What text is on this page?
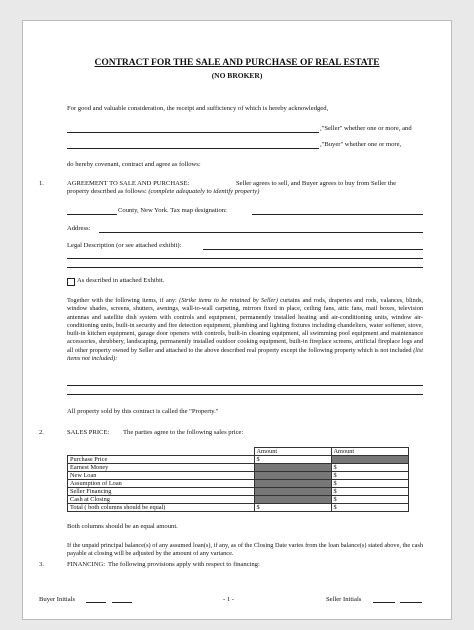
CONTRACT FOR THE SALE AND PURCHASE OF REAL ESTATE
(NO BROKER)
For good and valuable consideration, the receipt and sufficiency of which is hereby acknowledged,
,"Seller" whether one or more, and
,"Buyer" whether one or more,
do hereby covenant, contract and agree as follows:
1.	AGREEMENT TO SALE AND PURCHASE:	Seller agrees to sell, and Buyer agrees to buy from Seller the
property described as follows: (complete adequately to identify property)
County, New York. Tax map designation:
Address:
Legal Description (or see attached exhibit):
As described in attached Exhibit.
Together with the following items, if any: (Strike items to be retained by Seller) curtains and rods, draperies and rods, valances, blinds, window shades, screens, shutters, awnings, wall-to-wall carpeting, mirrors fixed in place, ceiling fans, attic fans, mail boxes, television antennas and satellite dish system with controls and equipment, permanently installed heating and air-conditioning units, window air-conditioning units, built-in security and fire detection equipment, plumbing and lighting fixtures including chandeliers, water softener, stove, built-in kitchen equipment, garage door openers with controls, built-in cleaning equipment, all swimming pool equipment and maintenance accessories, shrubbery, landscaping, permanently installed outdoor cooking equipment, built-in fireplace screens, artificial fireplace logs and all other property owned by Seller and attached to the above described real property except the following property which is not included (list items not included):
All property sold by this contract is called the "Property."
2.	SALES PRICE: The parties agree to the following sales price:
	Amount	Amount
Purchase Price	$	
Earnest Money		$
New Loan		$
Assumption of Loan		$
Seller Financing		$
Cash at Closing		$
Total ( both columns should be equal)	$	$
Both columns should be an equal amount.
If the unpaid principal balance(s) of any assumed loan(s), if any, as of the Closing Date varies from the loan balance(s) stated above, the cash payable at closing will be adjusted by the amount of any variance.
3.	FINANCING: The following provisions apply with respect to financing:
Buyer Initials	- 1 -	Seller Initials
